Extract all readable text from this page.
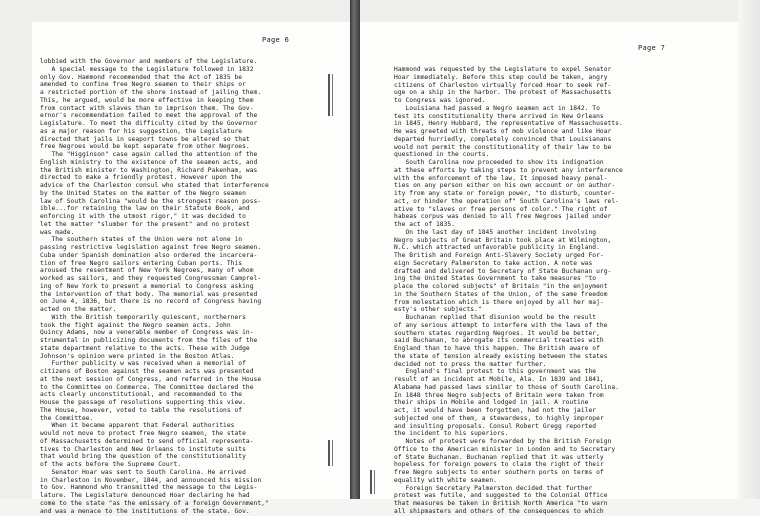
Page 6
lobbied with the Governor and members of the Legislature.
A special message to the Legislature followed in 1832
only Gov. Hammond recommended that the Act of 1835 be
amended to confine free Negro seamen to their ships or
a restricted portion of the shore instead of jailing them.
This, he argued, would be more effective in keeping them
from contact with slaves than to imprison them. The Gov-
ernor's recommendation failed to meet the approval of the
Legislature. To meet the difficulty cited by the Governor
as a major reason for his suggestion, the Legislature
directed that jails in seaport towns be altered so that
free Negroes would be kept separate from other Negroes.
The "Higginson" case again called the attention of the
English ministry to the existence of the seamen acts, and
the British minister to Washington, Richard Pakenham, was
directed to make a friendly protest. However upon the
advice of the Charleston consul who stated that interference
by the United States on the matter of the Negro seamen
law of South Carolina "would be the strongest reason poss-
ible...for retaining the law on their Statute Book, and
enforcing it with the utmost rigor," it was decided to
let the matter "slumber for the present" and no protest
was made.
The southern states of the Union were not alone in
passing restrictive legislation against free Negro seamen.
Cuba under Spanish domination also ordered the incarcera-
tion of free Negro sailors entering Cuban ports. This
aroused the resentment of New York Negroes, many of whom
worked as sailors, and they requested Congressman Camprel-
ing of New York to present a memorial to Congress asking
the intervention of that body. The memorial was presented
on June 4, 1836, but there is no record of Congress having
acted on the matter.
With the British temporarily quiescent, northerners
took the fight against the Negro seamen acts. John
Quincy Adams, now a venerable member of Congress was in-
strumental in publicizing documents from the files of the
state department relative to the acts. These with Judge
Johnson's opinion were printed in the Boston Atlas.
Further publicity w was received when a memorial of
citizens of Boston against the seamen acts was presented
at the next session of Congress, and referred in the House
to the Committee on Commerce. The Committee declared the
acts clearly unconstitutional, and recommended to the
House the passage of resolutions supporting this view.
The House, however, voted to table the resolutions of
the Committee.
When it became apparent that Federal authorities
would not move to protect free Negro seamen, the state
of Massachusetts determined to send official representa-
tives to Charleston and New Orleans to institute suits
that would bring the question of the constitutionality
of the acts before the Supreme Court.
Senator Hoar was sent to South Carolina. He arrived
in Charleston in November, 1844, and announced his mission
to Gov. Hammond who transmitted the message to the Legis-
lature. The Legislature denounced Hoar declaring he had
come to the state "as the emissary of a foreign Government,"
and was a menace to the institutions of the state. Gov.
Page 7
Hammond was requested by the Legislature to expel Senator
Hoar immediately. Before this step could be taken, angry
citizens of Charleston virtually forced Hoar to seek ref-
uge on a ship in the harbor. The protest of Massachusetts
to Congress was ignored.
Louisiana had passed a Negro seamen act in 1842. To
test its constitutionality there arrived in New Orleans
in 1845, Henry Hubbard, the representative of Massachusetts.
He was greeted with threats of mob violence and like Hoar
departed hurriedly, completely convinced that Louisianans
would not permit the constitutionality of their law to be
questioned in the courts.
South Carolina now proceeded to show its indignation
at these efforts by taking steps to prevent any interference
with the enforcement of the law. It imposed heavy penal-
ties on any person either on his own account or on author-
ity from any state or foreign power, "to disturb, counter-
act, or hinder the operation of" South Carolina's laws rel-
ative to "slaves or free persons of color." The right of
habeas corpus was denied to all free Negroes jailed under
the act of 1835.
On the last day of 1845 another incident involving
Negro subjects of Great Britain took place at Wilmington,
N.C. which attracted unfavorable publicity in England.
The British and Foreign Anti-Slavery Society urged For-
eign Secretary Palmerston to take action. A note was
drafted and delivered to Secretary of State Buchanan urg-
ing the United States Government to take measures "to
place the colored subjects" of Britain "in the enjoyment
in the Southern States of the Union, of the same freedom
from molestation which is there enjoyed by all her maj-
esty's other subjects."
Buchanan replied that disunion would be the result
of any serious attempt to interfere with the laws of the
southern states regarding Negroes. It would be better,
said Buchanan, to abrogate its commercial treaties with
England than to have this happen. The British aware of
the state of tension already existing between the states
decided not to press the matter further.
England's final protest to this government was the
result of an incident at Mobile, Ala. In 1839 and 1841,
Alabama had passed laws similar to those of South Carolina.
In 1848 three Negro subjects of Britain were taken from
their ships in Mobile and lodged in jail. A routine
act, it would have been forgotten, had not the jailer
subjected one of them, a stewardess, to highly improper
and insulting proposals. Consul Robert Gregg reported
the incident to his superiors.
Notes of protest were forwarded by the British Foreign
Office to the American minister in London and to Secretary
of State Buchanan. Buchanan replied that it was utterly
hopeless for foreign powers to claim the right of their
free Negro subjects to enter southern ports on terms of
equality with white seamen.
Foreign Secretary Palmerston decided that further
protest was futile, and suggested to the Colonial Office
that measures be taken in British North America "to warn
all shipmasters and others of the consequences to which
